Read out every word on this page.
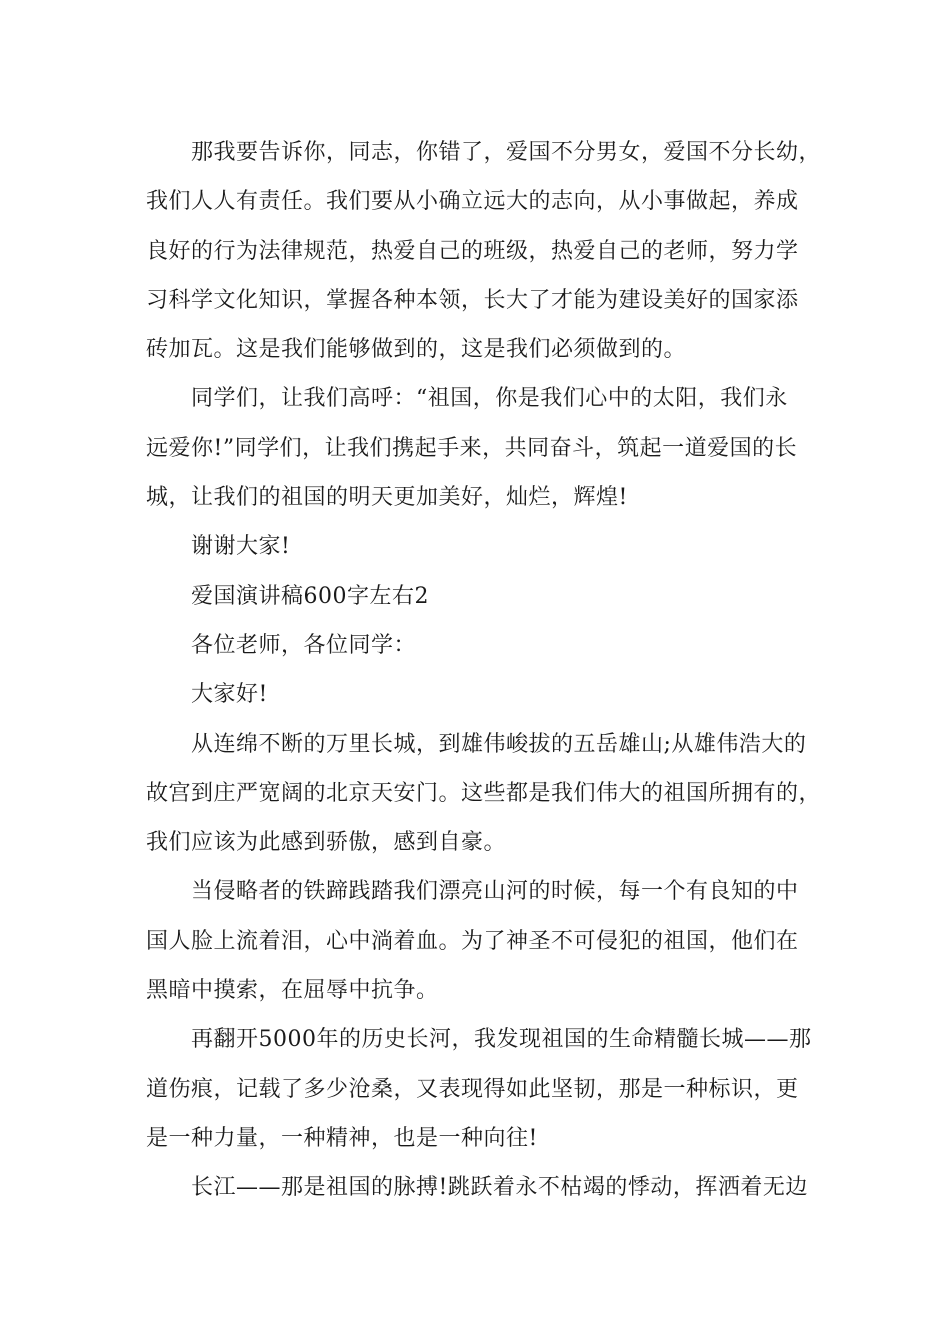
那我要告诉你，同志，你错了，爱国不分男女，爱国不分长幼，
我们人人有责任。我们要从小确立远大的志向，从小事做起，养成
良好的行为法律规范，热爱自己的班级，热爱自己的老师，努力学
习科学文化知识，掌握各种本领，长大了才能为建设美好的国家添
砖加瓦。这是我们能够做到的，这是我们必须做到的。
同学们，让我们高呼：“祖国，你是我们心中的太阳，我们永
远爱你!”同学们，让我们携起手来，共同奋斗，筑起一道爱国的长
城，让我们的祖国的明天更加美好，灿烂，辉煌!
谢谢大家!
爱国演讲稿600字左右2
各位老师，各位同学：
大家好!
从连绵不断的万里长城，到雄伟峻拔的五岳雄山;从雄伟浩大的
故宫到庄严宽阔的北京天安门。这些都是我们伟大的祖国所拥有的，
我们应该为此感到骄傲，感到自豪。
当侵略者的铁蹄践踏我们漂亮山河的时候，每一个有良知的中
国人脸上流着泪，心中淌着血。为了神圣不可侵犯的祖国，他们在
黑暗中摸索，在屈辱中抗争。
再翻开5000年的历史长河，我发现祖国的生命精髓长城——那
道伤痕，记载了多少沧桑，又表现得如此坚韧，那是一种标识，更
是一种力量，一种精神，也是一种向往!
长江——那是祖国的脉搏!跳跃着永不枯竭的悸动，挥洒着无边
